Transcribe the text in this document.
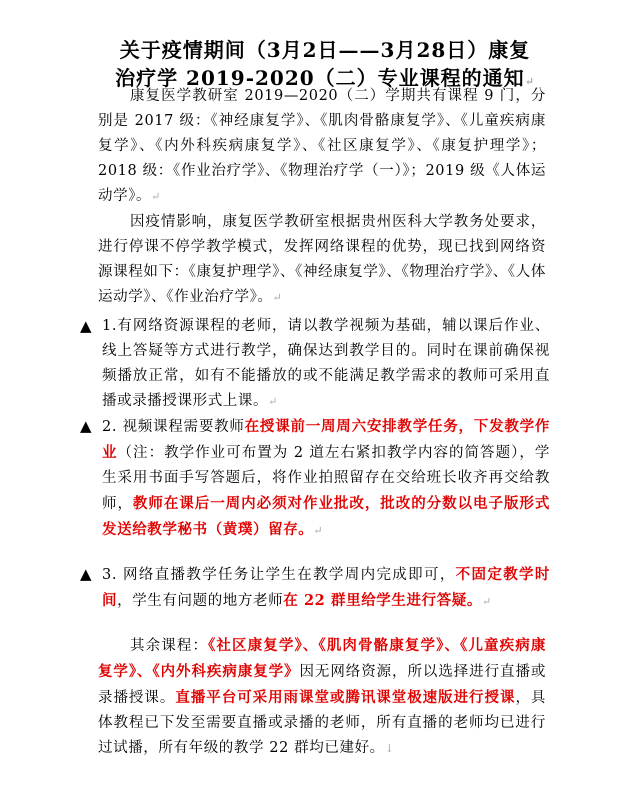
关于疫情期间（3月2日——3月28日）康复
治疗学 2019-2020（二）专业课程的通知↵
康复医学教研室 2019—2020（二）学期共有课程 9 门，分别是 2017 级：《神经康复学》、《肌肉骨骼康复学》、《儿童疾病康复学》、《内外科疾病康复学》、《社区康复学》、《康复护理学》；2018 级：《作业治疗学》、《物理治疗学（一）》；2019 级《人体运动学》。↵
因疫情影响，康复医学教研室根据贵州医科大学教务处要求，进行停课不停学教学模式，发挥网络课程的优势，现已找到网络资源课程如下：《康复护理学》、《神经康复学》、《物理治疗学》、《人体运动学》、《作业治疗学》。↵
▲ 1.有网络资源课程的老师，请以教学视频为基础，辅以课后作业、线上答疑等方式进行教学，确保达到教学目的。同时在课前确保视频播放正常，如有不能播放的或不能满足教学需求的教师可采用直播或录播授课形式上课。↵
▲ 2. 视频课程需要教师在授课前一周周六安排教学任务，下发教学作业（注：教学作业可布置为 2 道左右紧扣教学内容的简答题），学生采用书面手写答题后，将作业拍照留存在交给班长收齐再交给教师，教师在课后一周内必须对作业批改，批改的分数以电子版形式发送给教学秘书（黄璞）留存。↵
▲ 3. 网络直播教学任务让学生在教学周内完成即可，不固定教学时间，学生有问题的地方老师在 22 群里给学生进行答疑。↵
其余课程：《社区康复学》、《肌肉骨骼康复学》、《儿童疾病康复学》、《内外科疾病康复学》因无网络资源，所以选择进行直播或录播授课。直播平台可采用雨课堂或腾讯课堂极速版进行授课，具体教程已下发至需要直播或录播的老师，所有直播的老师均已进行过试播，所有年级的教学 22 群均已建好。↓
